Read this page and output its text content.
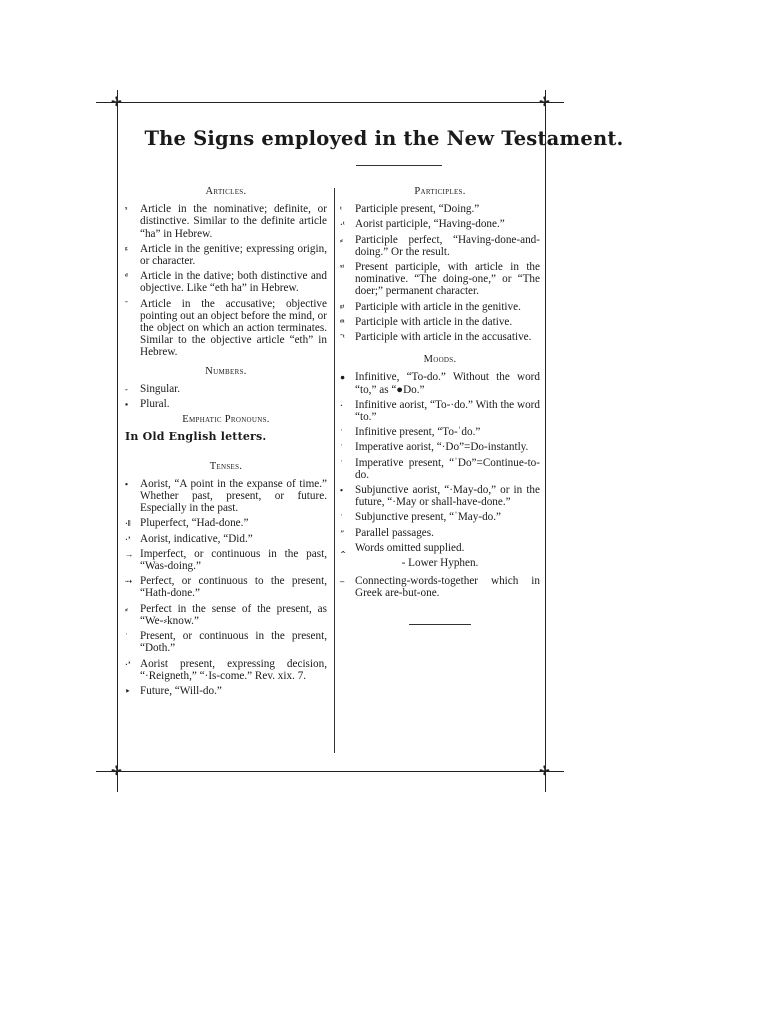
✢	✢
✢	✢
The Signs employed in the New Testament.
Articles.
ˣ	Article in the nominative; definite, or distinctive. Similar to the definite article “ha” in Hebrew.
ᵍ	Article in the genitive; expressing origin, or character.
ᵈ	Article in the dative; both distinctive and objective. Like “eth ha” in Hebrew.
ˉ	Article in the accusative; objective pointing out an object before the mind, or the object on which an action terminates. Similar to the objective article “eth” in Hebrew.
Numbers.
-	Singular.
▪	Plural.
Emphatic Pronouns.
In Old English letters.
Tenses.
•	Aorist, “A point in the expanse of time.” Whether past, present, or future. Especially in the past.
·‖ Pluperfect, “Had-done.”
·’ Aorist, indicative, “Did.”
→ Imperfect, or continuous in the past, “Was-doing.”
⇢ Perfect, or continuous to the present, “Hath-done.”
⸗	Perfect in the sense of the present, as “We-⸗know.”
ˈ	Present, or continuous in the present, “Doth.”
·’ Aorist present, expressing decision, “·Reigneth,” “·Is-come.” Rev. xix. 7.
‣ Future, “Will-do.”
Participles.
ᵗ	Participle present, “Doing.”
·ᵗ Aorist participle, “Having-done.”
⸗	Participle perfect, “Having-done-and-doing.” Or the result.
ˣᵗ Present participle, with article in the nominative. “The doing-one,” or “The doer;” permanent character.
ᵍᵗ Participle with article in the genitive.
ᵈᵗ Participle with article in the dative.
ˉᵗ Participle with article in the accusative.
Moods.
● Infinitive, “To-do.” Without the word “to,” as “●Do.”
·	Infinitive aorist, “To-·do.” With the word “to.”
ˈ	Infinitive present, “To-ˈdo.”
ˈ	Imperative aorist, “·Do”=Do-instantly.
ˈ	Imperative present, “ˈDo”=Continue-to-do.
•	Subjunctive aorist, “·May-do,” or in the future, “·May or shall-have-done.”
ˈ	Subjunctive present, “ˈMay-do.”
″ Parallel passages.
‸ Words omitted supplied.
- Lower Hyphen.
‒ Connecting-words-together which in Greek are-but-one.
